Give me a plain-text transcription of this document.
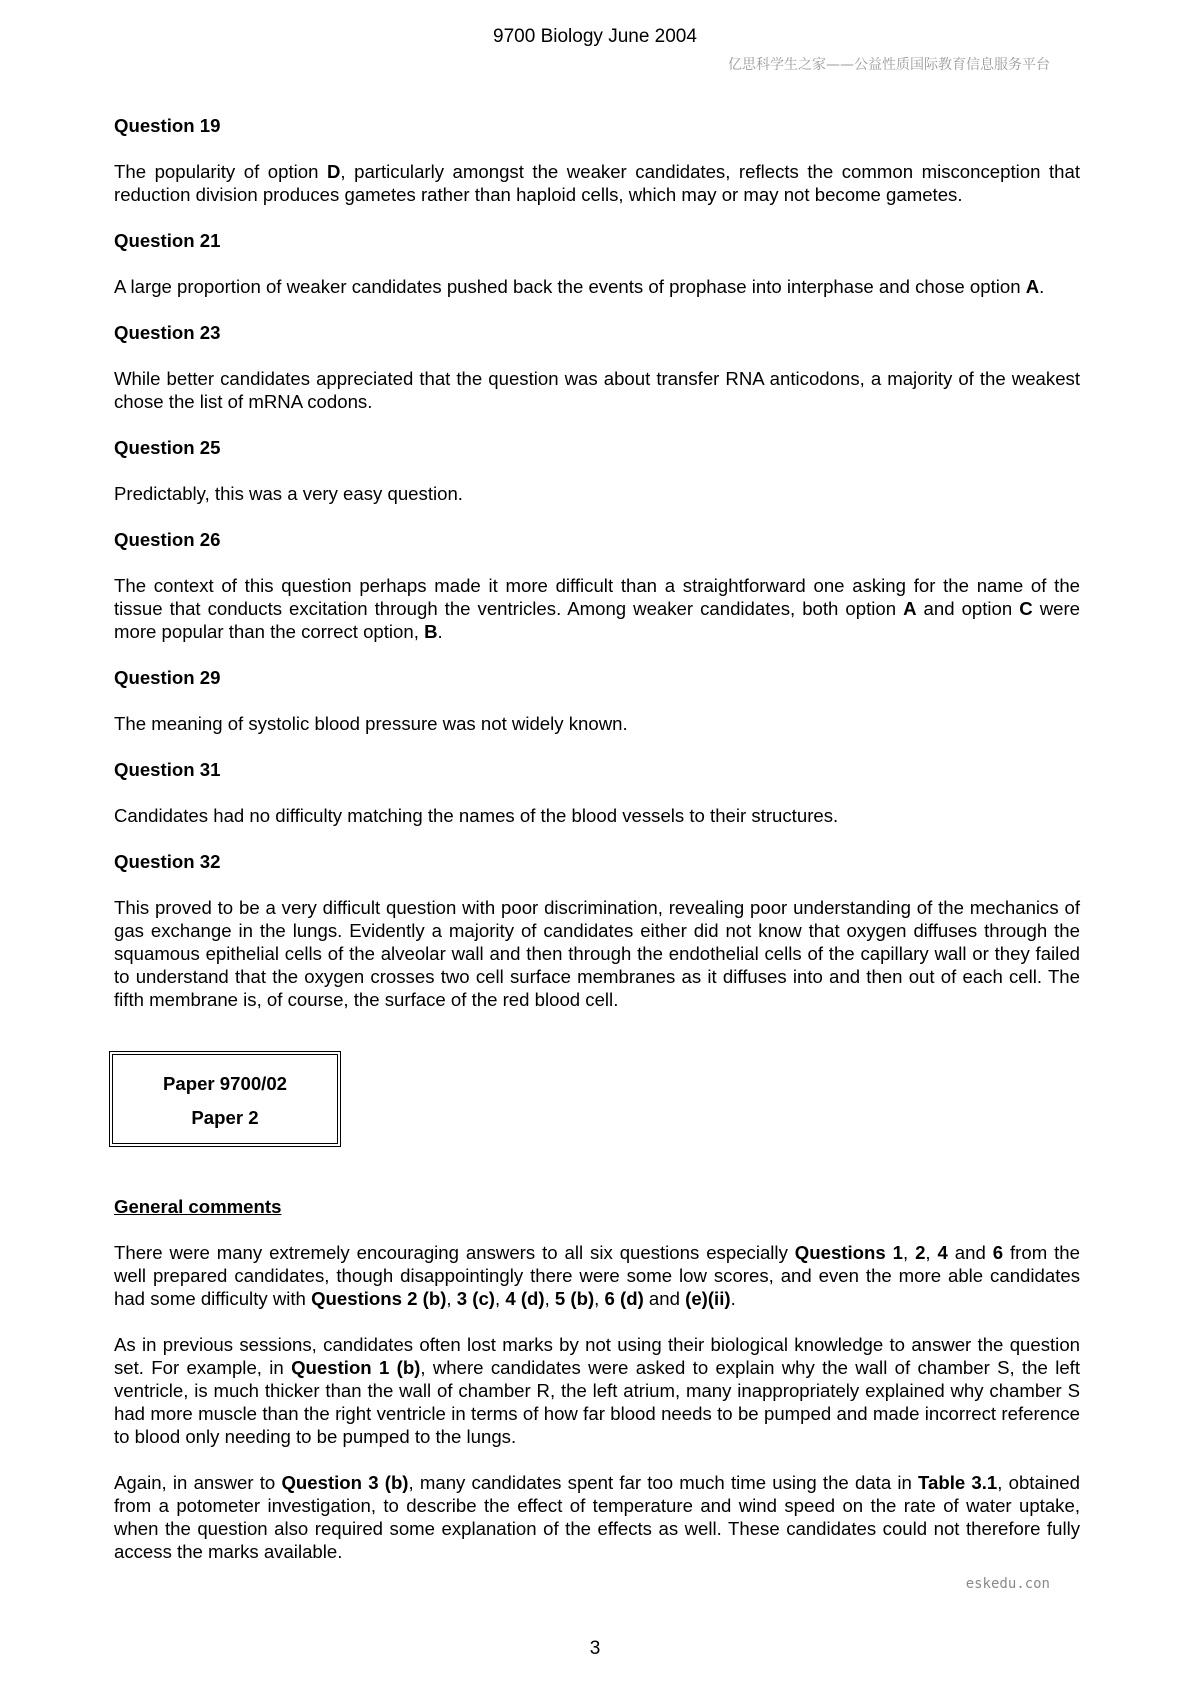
9700 Biology June 2004
亿思科学生之家——公益性质国际教育信息服务平台
Question 19
The popularity of option D, particularly amongst the weaker candidates, reflects the common misconception that reduction division produces gametes rather than haploid cells, which may or may not become gametes.
Question 21
A large proportion of weaker candidates pushed back the events of prophase into interphase and chose option A.
Question 23
While better candidates appreciated that the question was about transfer RNA anticodons, a majority of the weakest chose the list of mRNA codons.
Question 25
Predictably, this was a very easy question.
Question 26
The context of this question perhaps made it more difficult than a straightforward one asking for the name of the tissue that conducts excitation through the ventricles. Among weaker candidates, both option A and option C were more popular than the correct option, B.
Question 29
The meaning of systolic blood pressure was not widely known.
Question 31
Candidates had no difficulty matching the names of the blood vessels to their structures.
Question 32
This proved to be a very difficult question with poor discrimination, revealing poor understanding of the mechanics of gas exchange in the lungs. Evidently a majority of candidates either did not know that oxygen diffuses through the squamous epithelial cells of the alveolar wall and then through the endothelial cells of the capillary wall or they failed to understand that the oxygen crosses two cell surface membranes as it diffuses into and then out of each cell. The fifth membrane is, of course, the surface of the red blood cell.
Paper 9700/02
Paper 2
General comments
There were many extremely encouraging answers to all six questions especially Questions 1, 2, 4 and 6 from the well prepared candidates, though disappointingly there were some low scores, and even the more able candidates had some difficulty with Questions 2 (b), 3 (c), 4 (d), 5 (b), 6 (d) and (e)(ii).
As in previous sessions, candidates often lost marks by not using their biological knowledge to answer the question set. For example, in Question 1 (b), where candidates were asked to explain why the wall of chamber S, the left ventricle, is much thicker than the wall of chamber R, the left atrium, many inappropriately explained why chamber S had more muscle than the right ventricle in terms of how far blood needs to be pumped and made incorrect reference to blood only needing to be pumped to the lungs.
Again, in answer to Question 3 (b), many candidates spent far too much time using the data in Table 3.1, obtained from a potometer investigation, to describe the effect of temperature and wind speed on the rate of water uptake, when the question also required some explanation of the effects as well. These candidates could not therefore fully access the marks available.
eskedu.con
3
